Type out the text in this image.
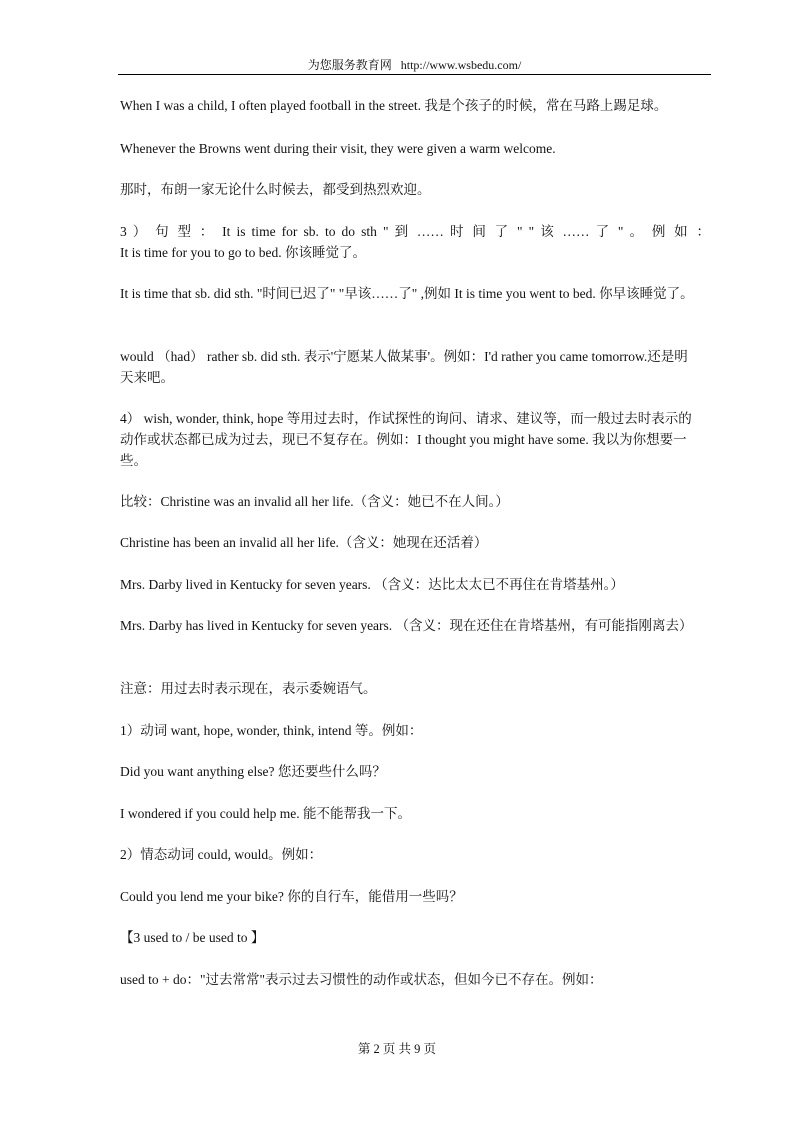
为您服务教育网 http://www.wsbedu.com/
When I was a child, I often played football in the street. 我是个孩子的时候，常在马路上踢足球。
Whenever the Browns went during their visit, they were given a warm welcome.
那时，布朗一家无论什么时候去，都受到热烈欢迎。
3 ） 句 型 ： It is time for sb. to do sth " 到 …… 时 间 了 " " 该 …… 了 " 。 例 如 ：
It is time for you to go to bed. 你该睡觉了。
It is time that sb. did sth. "时间已迟了" "早该……了" ,例如 It is time you went to bed. 你早该睡觉了。
would （had） rather sb. did sth. 表示'宁愿某人做某事'。例如：I'd rather you came tomorrow.还是明
天来吧。
4） wish, wonder, think, hope 等用过去时，作试探性的询问、请求、建议等，而一般过去时表示的
动作或状态都已成为过去，现已不复存在。例如：I thought you might have some. 我以为你想要一
些。
比较：Christine was an invalid all her life.（含义：她已不在人间。）
Christine has been an invalid all her life.（含义：她现在还活着）
Mrs. Darby lived in Kentucky for seven years. （含义：达比太太已不再住在肯塔基州。）
Mrs. Darby has lived in Kentucky for seven years. （含义：现在还住在肯塔基州，有可能指刚离去）
注意：用过去时表示现在，表示委婉语气。
1）动词 want, hope, wonder, think, intend 等。例如：
Did you want anything else? 您还要些什么吗？
I wondered if you could help me. 能不能帮我一下。
2）情态动词 could, would。例如：
Could you lend me your bike? 你的自行车，能借用一些吗？
【3 used to / be used to 】
used to + do："过去常常"表示过去习惯性的动作或状态，但如今已不存在。例如：
第 2 页 共 9 页
